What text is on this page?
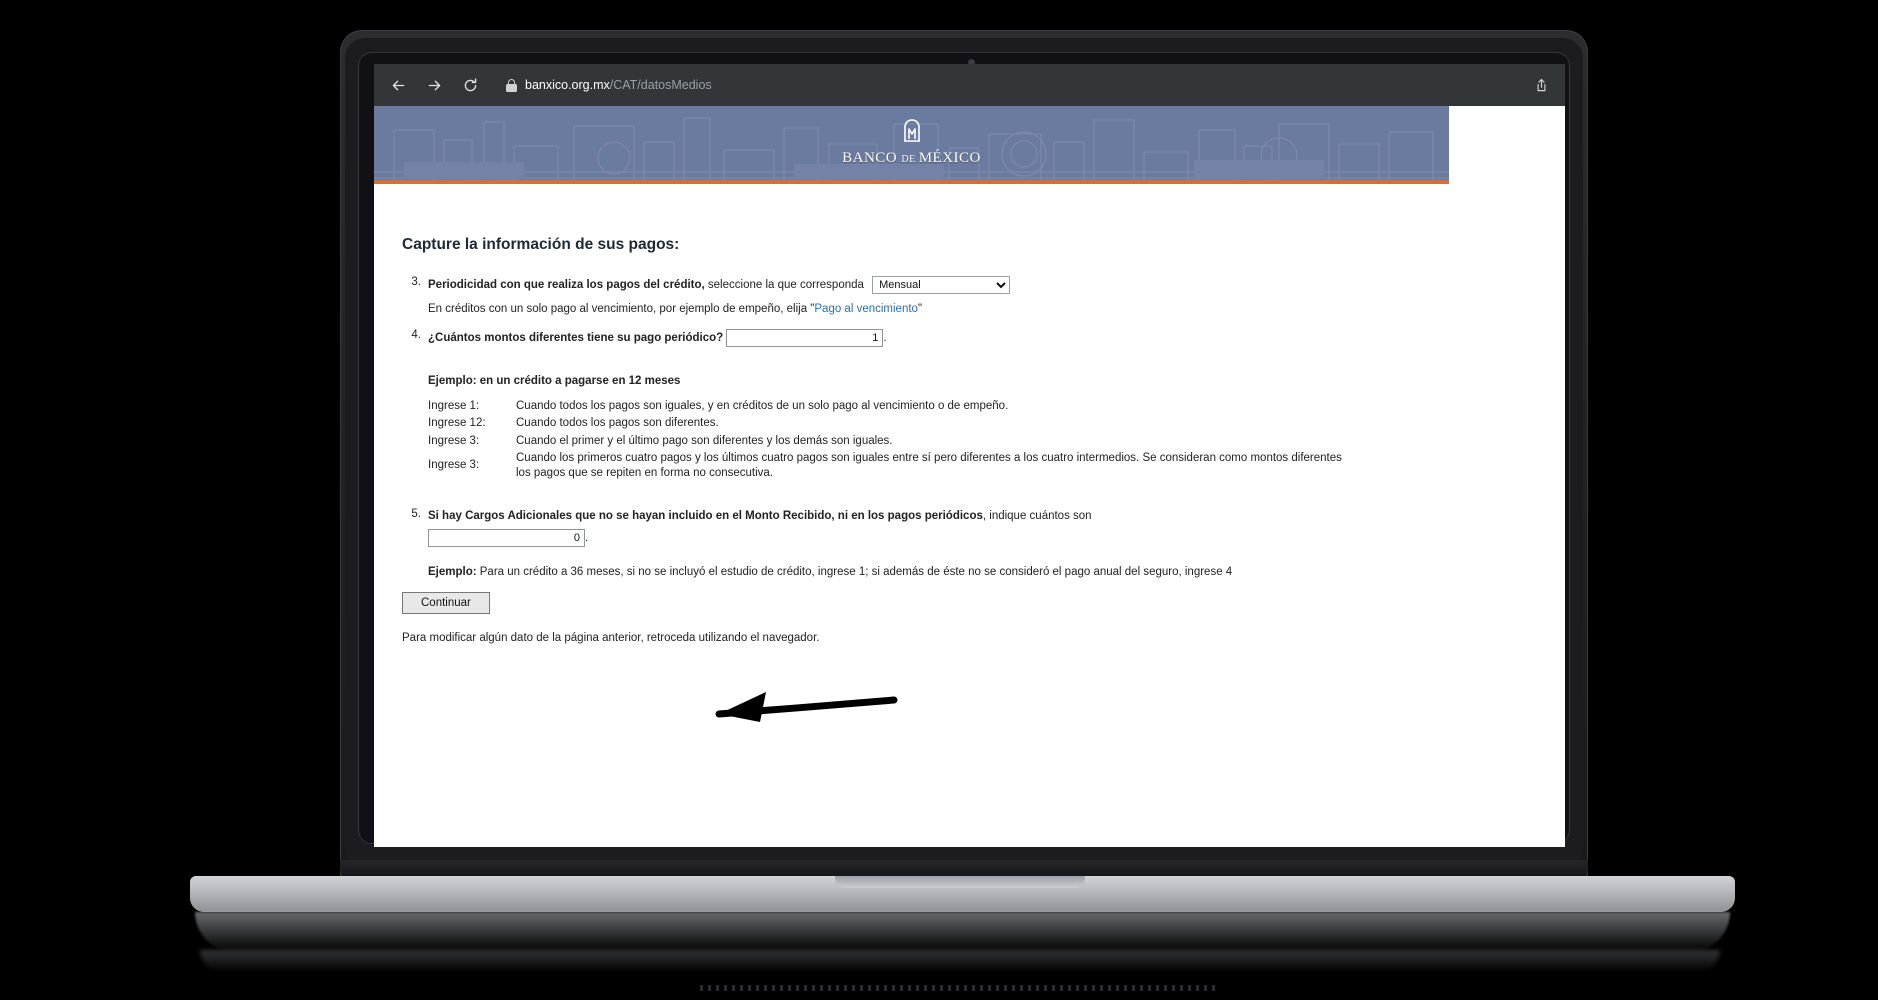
banxico.org.mx/CAT/datosMedios
BANCO DE MÉXICO
Capture la información de sus pagos:
3. Periodicidad con que realiza los pagos del crédito, seleccione la que corresponda
Mensual
En créditos con un solo pago al vencimiento, por ejemplo de empeño, elija "Pago al vencimiento"
4. ¿Cuántos montos diferentes tiene su pago periódico? 1	.
Ejemplo: en un crédito a pagarse en 12 meses
Ingrese 1:	Cuando todos los pagos son iguales, y en créditos de un solo pago al vencimiento o de empeño.
Ingrese 12:	Cuando todos los pagos son diferentes.
Ingrese 3:	Cuando el primer y el último pago son diferentes y los demás son iguales.
Ingrese 3:	Cuando los primeros cuatro pagos y los últimos cuatro pagos son iguales entre sí pero diferentes a los cuatro intermedios. Se consideran como montos diferentes los pagos que se repiten en forma no consecutiva.
5. Si hay Cargos Adicionales que no se hayan incluido en el Monto Recibido, ni en los pagos periódicos, indique cuántos son
0.
Ejemplo: Para un crédito a 36 meses, si no se incluyó el estudio de crédito, ingrese 1; si además de éste no se consideró el pago anual del seguro, ingrese 4
Continuar
Para modificar algún dato de la página anterior, retroceda utilizando el navegador.
